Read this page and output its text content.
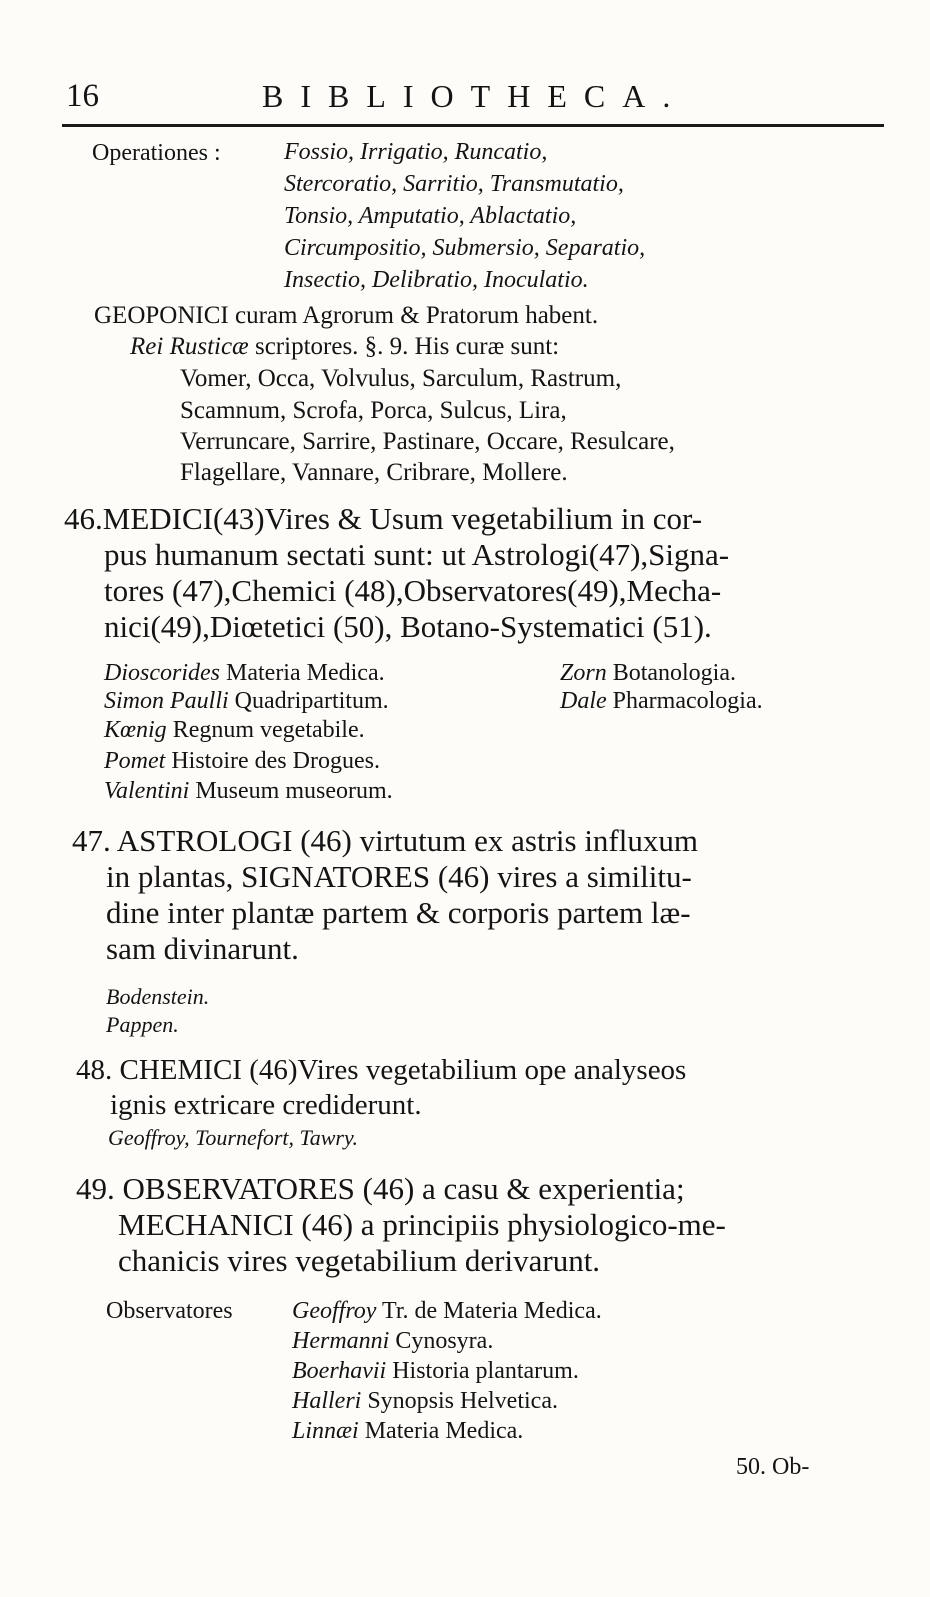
16	BIBLIOTHECA.
Operationes :	Fossio, Irrigatio, Runcatio,
Stercoratio, Sarritio, Transmutatio,
Tonsio, Amputatio, Ablactatio,
Circumpositio, Submersio, Separatio,
Insectio, Delibratio, Inoculatio.
GEOPONICI curam Agrorum & Pratorum habent.
Rei Rusticæ scriptores. §. 9. His curæ sunt:
Vomer, Occa, Volvulus, Sarculum, Rastrum,
Scamnum, Scrofa, Porca, Sulcus, Lira,
Verruncare, Sarrire, Pastinare, Occare, Resulcare,
Flagellare, Vannare, Cribrare, Mollere.
46.MEDICI(43)Vires & Usum vegetabilium in cor-
pus humanum sectati sunt: ut Astrologi(47),Signa-
tores (47),Chemici (48),Observatores(49),Mecha-
nici(49),Diœtetici (50), Botano-Systematici (51).
Dioscorides Materia Medica.
Simon Paulli Quadripartitum.
Kœnig Regnum vegetabile.
Pomet Histoire des Drogues.
Valentini Museum museorum.
Zorn Botanologia.
Dale Pharmacologia.
47. ASTROLOGI (46) virtutum ex astris influxum
in plantas, SIGNATORES (46) vires a similitu-
dine inter plantæ partem & corporis partem læ-
sam divinarunt.
Bodenstein.
Pappen.
48. CHEMICI (46)Vires vegetabilium ope analyseos
ignis extricare crediderunt.
Geoffroy, Tournefort, Tawry.
49. OBSERVATORES (46) a casu & experientia;
MECHANICI (46) a principiis physiologico-me-
chanicis vires vegetabilium derivarunt.
Observatores Geoffroy Tr. de Materia Medica.
Hermanni Cynosyra.
Boerhavii Historia plantarum.
Halleri Synopsis Helvetica.
Linnæi Materia Medica.
50. Ob-
